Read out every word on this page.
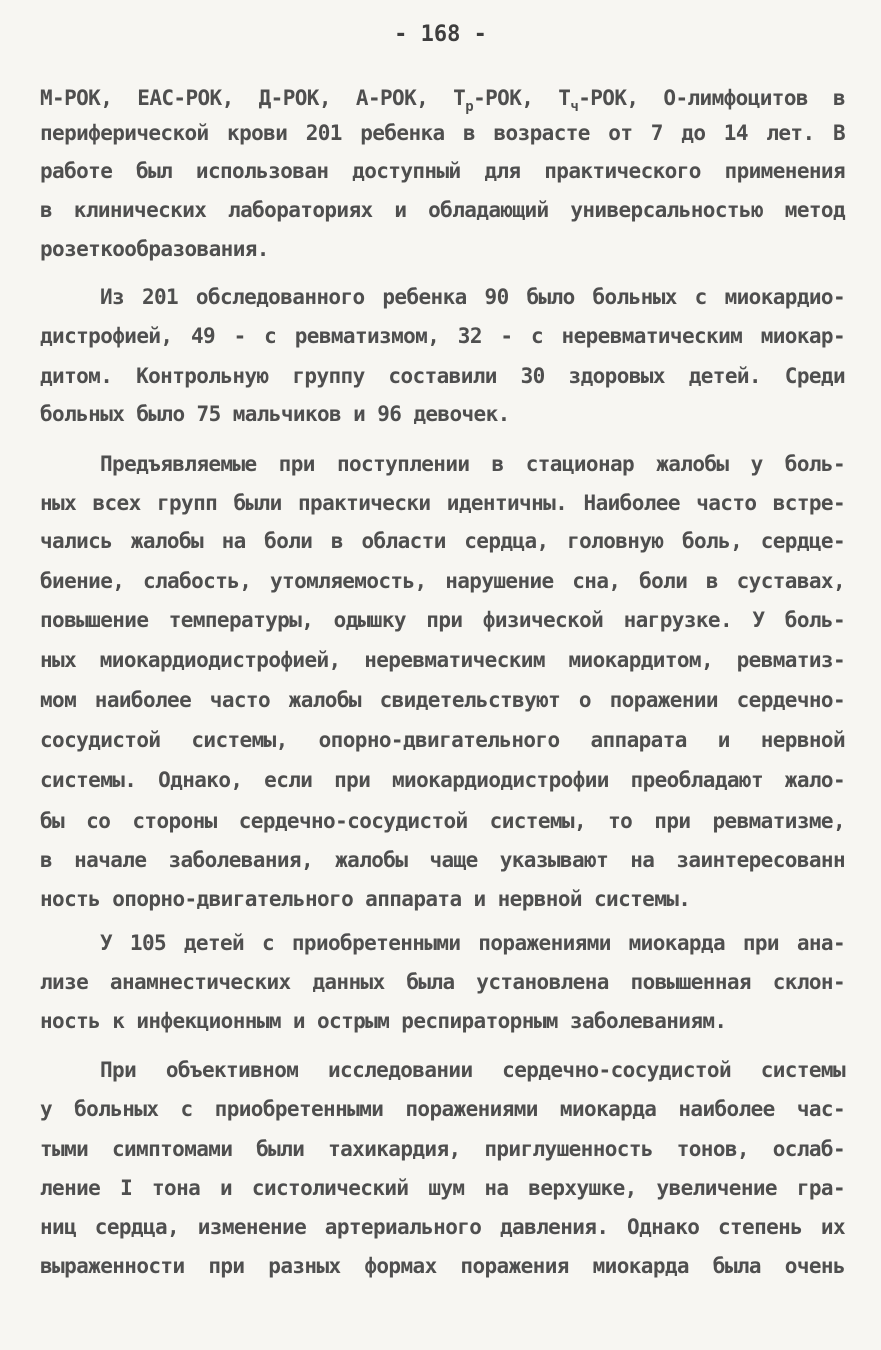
- 168 -
М-РОК, ЕАС-РОК, Д-РОК, А-РОК, $Т_р$-РОК, $Т_ч$-РОК, О-лимфоцитов в
периферической крови 201 ребенка в возрасте от 7 до 14 лет. В
работе был использован доступный для практического применения
в клинических лабораториях и обладающий универсальностью метод
розеткообразования.
Из 201 обследованного ребенка 90 было больных с миокардио-
дистрофией, 49 - с ревматизмом, 32 - с неревматическим миокар-
дитом. Контрольную группу составили 30 здоровых детей. Среди
больных было 75 мальчиков и 96 девочек.
Предъявляемые при поступлении в стационар жалобы у боль-
ных всех групп были практически идентичны. Наиболее часто встре-
чались жалобы на боли в области сердца, головную боль, сердце-
биение, слабость, утомляемость, нарушение сна, боли в суставах,
повышение температуры, одышку при физической нагрузке. У боль-
ных миокардиодистрофией, неревматическим миокардитом, ревматиз-
мом наиболее часто жалобы свидетельствуют о поражении сердечно-
сосудистой системы, опорно-двигательного аппарата и нервной
системы. Однако, если при миокардиодистрофии преобладают жало-
бы со стороны сердечно-сосудистой системы, то при ревматизме,
в начале заболевания, жалобы чаще указывают на заинтересованн
ность опорно-двигательного аппарата и нервной системы.
У 105 детей с приобретенными поражениями миокарда при ана-
лизе анамнестических данных была установлена повышенная склон-
ность к инфекционным и острым респираторным заболеваниям.
При объективном исследовании сердечно-сосудистой системы
у больных с приобретенными поражениями миокарда наиболее час-
тыми симптомами были тахикардия, приглушенность тонов, ослаб-
ление I тона и систолический шум на верхушке, увеличение гра-
ниц сердца, изменение артериального давления. Однако степень их
выраженности при разных формах поражения миокарда была очень
